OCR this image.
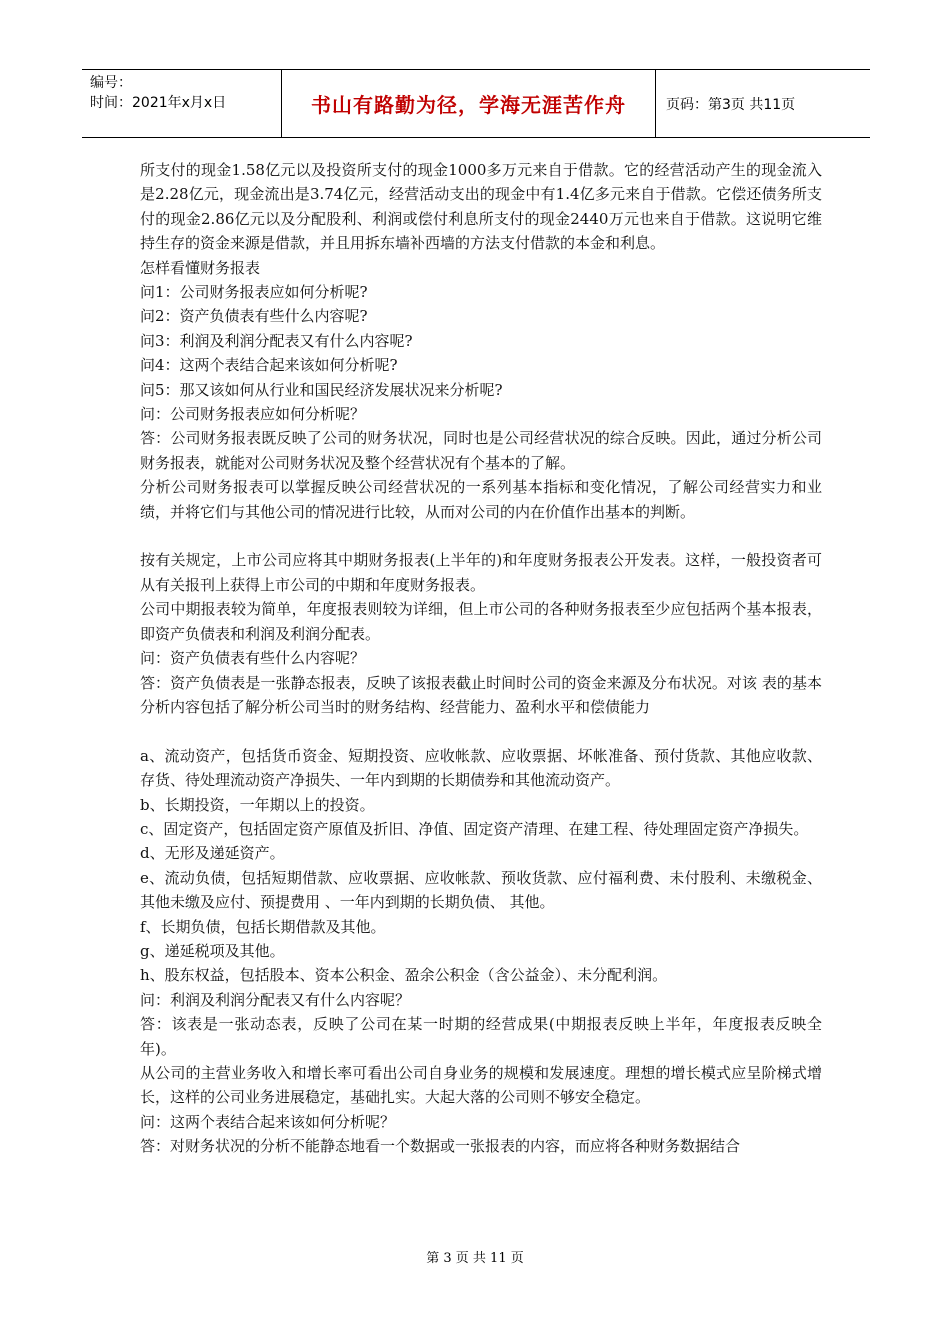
编号：
时间：2021年x月x日	书山有路勤为径，学海无涯苦作舟	页码：第3页 共11页

所支付的现金1.58亿元以及投资所支付的现金1000多万元来自于借款。它的经营活动产生的现金流入是2.28亿元，现金流出是3.74亿元，经营活动支出的现金中有1.4亿多元来自于借款。它偿还债务所支付的现金2.86亿元以及分配股利、利润或偿付利息所支付的现金2440万元也来自于借款。这说明它维持生存的资金来源是借款，并且用拆东墙补西墙的方法支付借款的本金和利息。

怎样看懂财务报表

问1：公司财务报表应如何分析呢?

问2：资产负债表有些什么内容呢?

问3：利润及利润分配表又有什么内容呢?

问4：这两个表结合起来该如何分析呢?

问5：那又该如何从行业和国民经济发展状况来分析呢?

问：公司财务报表应如何分析呢？

答：公司财务报表既反映了公司的财务状况，同时也是公司经营状况的综合反映。因此，通过分析公司财务报表，就能对公司财务状况及整个经营状况有个基本的了解。

分析公司财务报表可以掌握反映公司经营状况的一系列基本指标和变化情况，了解公司经营实力和业绩，并将它们与其他公司的情况进行比较，从而对公司的内在价值作出基本的判断。

按有关规定，上市公司应将其中期财务报表(上半年的)和年度财务报表公开发表。这样，一般投资者可从有关报刊上获得上市公司的中期和年度财务报表。

公司中期报表较为简单，年度报表则较为详细，但上市公司的各种财务报表至少应包括两个基本报表，即资产负债表和利润及利润分配表。

问：资产负债表有些什么内容呢？

答：资产负债表是一张静态报表，反映了该报表截止时间时公司的资金来源及分布状况。对该 表的基本分析内容包括了解分析公司当时的财务结构、经营能力、盈利水平和偿债能力

a、流动资产，包括货币资金、短期投资、应收帐款、应收票据、坏帐准备、预付货款、其他应收款、存货、待处理流动资产净损失、一年内到期的长期债券和其他流动资产。

b、长期投资，一年期以上的投资。

c、固定资产，包括固定资产原值及折旧、净值、固定资产清理、在建工程、待处理固定资产净损失。

d、无形及递延资产。

e、流动负债，包括短期借款、应收票据、应收帐款、预收货款、应付福利费、未付股利、未缴税金、其他未缴及应付、预提费用 、一年内到期的长期负债、 其他。

f、长期负债，包括长期借款及其他。

g、递延税项及其他。

h、股东权益，包括股本、资本公积金、盈余公积金（含公益金）、未分配利润。

问：利润及利润分配表又有什么内容呢？

答：该表是一张动态表，反映了公司在某一时期的经营成果(中期报表反映上半年，年度报表反映全年)。

从公司的主营业务收入和增长率可看出公司自身业务的规模和发展速度。理想的增长模式应呈阶梯式增长，这样的公司业务进展稳定，基础扎实。大起大落的公司则不够安全稳定。

问：这两个表结合起来该如何分析呢？

答：对财务状况的分析不能静态地看一个数据或一张报表的内容，而应将各种财务数据结合

第 3 页 共 11 页
